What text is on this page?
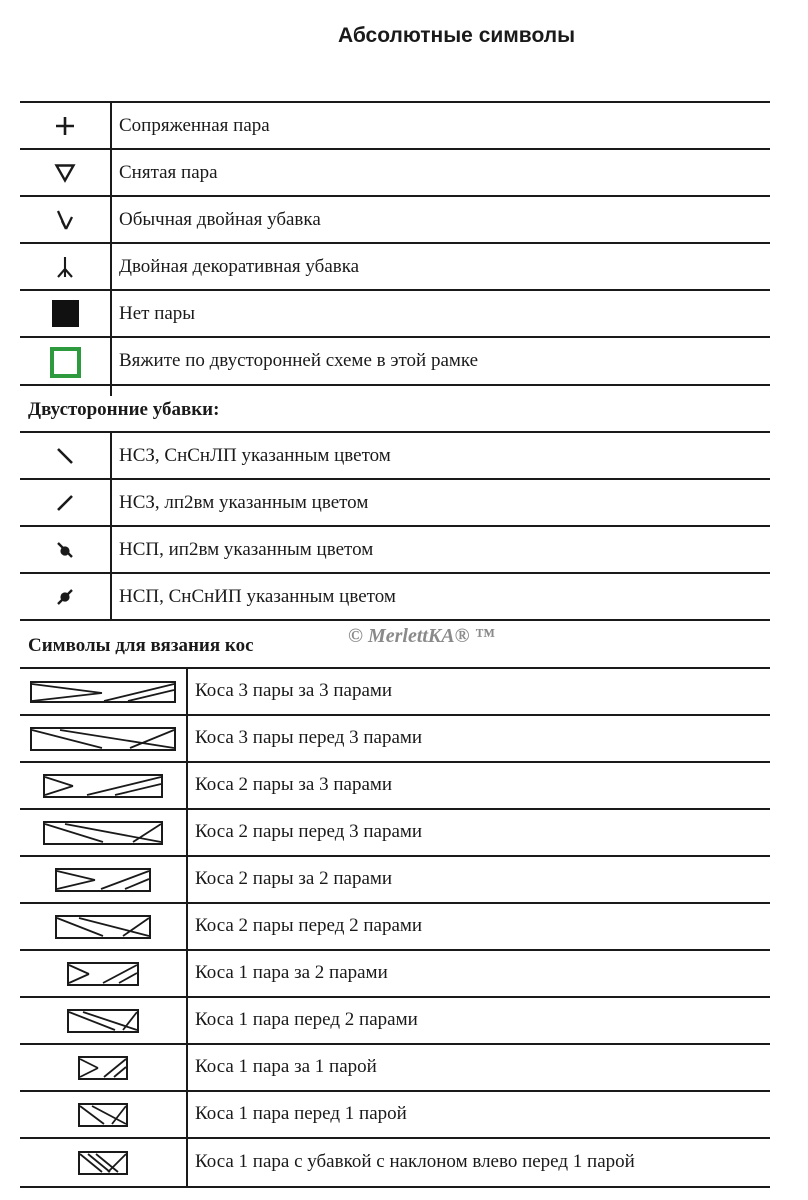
Абсолютные символы
Сопряженная пара
Снятая пара
Обычная двойная убавка
Двойная декоративная убавка
Нет пары
Вяжите по двусторонней схеме в этой рамке
Двусторонние убавки:
НСЗ, СнСнЛП указанным цветом
НСЗ, лп2вм указанным цветом
НСП, ип2вм указанным цветом
НСП, СнСнИП указанным цветом
Символы для вязания кос	© MerlettKA® ™
Коса 3 пары за 3 парами
Коса 3 пары перед 3 парами
Коса 2 пары за 3 парами
Коса 2 пары перед 3 парами
Коса 2 пары за 2 парами
Коса 2 пары перед 2 парами
Коса 1 пара за 2 парами
Коса 1 пара перед 2 парами
Коса 1 пара за 1 парой
Коса 1 пара перед 1 парой
Коса 1 пара с убавкой с наклоном влево перед 1 парой
